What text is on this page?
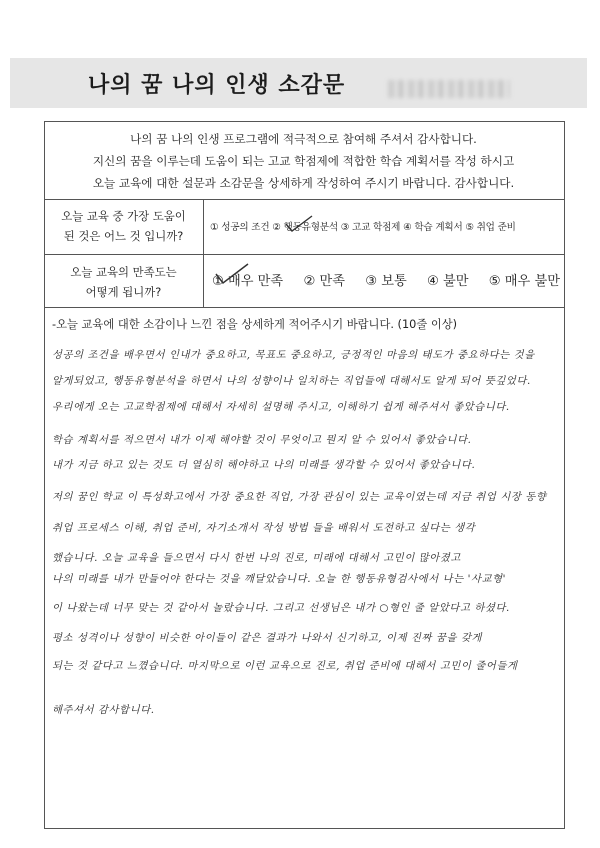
나의 꿈 나의 인생 소감문
나의 꿈 나의 인생 프로그램에 적극적으로 참여해 주셔서 감사합니다.
지신의 꿈을 이루는데 도움이 되는 고교 학점제에 적합한 학습 계획서를 작성 하시고
오늘 교육에 대한 설문과 소감문을 상세하게 작성하여 주시기 바랍니다. 감사합니다.
오늘 교육 중 가장 도움이
된 것은 어느 것 입니까?
① 성공의 조건 ② 행동유형분석 ③ 고교 학점제 ④ 학습 계획서 ⑤ 취업 준비
오늘 교육의 만족도는
어떻게 됩니까?
① 매우 만족 ② 만족 ③ 보통 ④ 불만 ⑤ 매우 불만
-오늘 교육에 대한 소감이나 느낀 점을 상세하게 적어주시기 바랍니다. (10줄 이상)
성공의 조건을 배우면서 인내가 중요하고, 목표도 중요하고, 긍정적인 마음의 태도가 중요하다는 것을
알게되었고, 행동유형분석을 하면서 나의 성향이나 일치하는 직업들에 대해서도 알게 되어 뜻깊었다.
우리에게 오는 고교학점제에 대해서 자세히 설명해 주시고, 이해하기 쉽게 해주셔서 좋았습니다.
학습 계획서를 적으면서 내가 이제 해야할 것이 무엇이고 뭔지 알 수 있어서 좋았습니다.
내가 지금 하고 있는 것도 더 열심히 해야하고 나의 미래를 생각할 수 있어서 좋았습니다.
저의 꿈인 학교 이 특성화고에서 가장 중요한 직업, 가장 관심이 있는 교육이였는데 지금 취업 시장 동향
취업 프로세스 이해, 취업 준비, 자기소개서 작성 방법 들을 배워서 도전하고 싶다는 생각
했습니다. 오늘 교육을 들으면서 다시 한번 나의 진로, 미래에 대해서 고민이 많아졌고
나의 미래를 내가 만들어야 한다는 것을 깨달았습니다. 오늘 한 행동유형검사에서 나는 '사교형'
이 나왔는데 너무 맞는 것 같아서 놀랐습니다. 그리고 선생님은 내가 ○형인 줄 알았다고 하셨다.
평소 성격이나 성향이 비슷한 아이들이 같은 결과가 나와서 신기하고, 이제 진짜 꿈을 갖게
되는 것 같다고 느꼈습니다. 마지막으로 이런 교육으로 진로, 취업 준비에 대해서 고민이 줄어들게
해주셔서 감사합니다.
